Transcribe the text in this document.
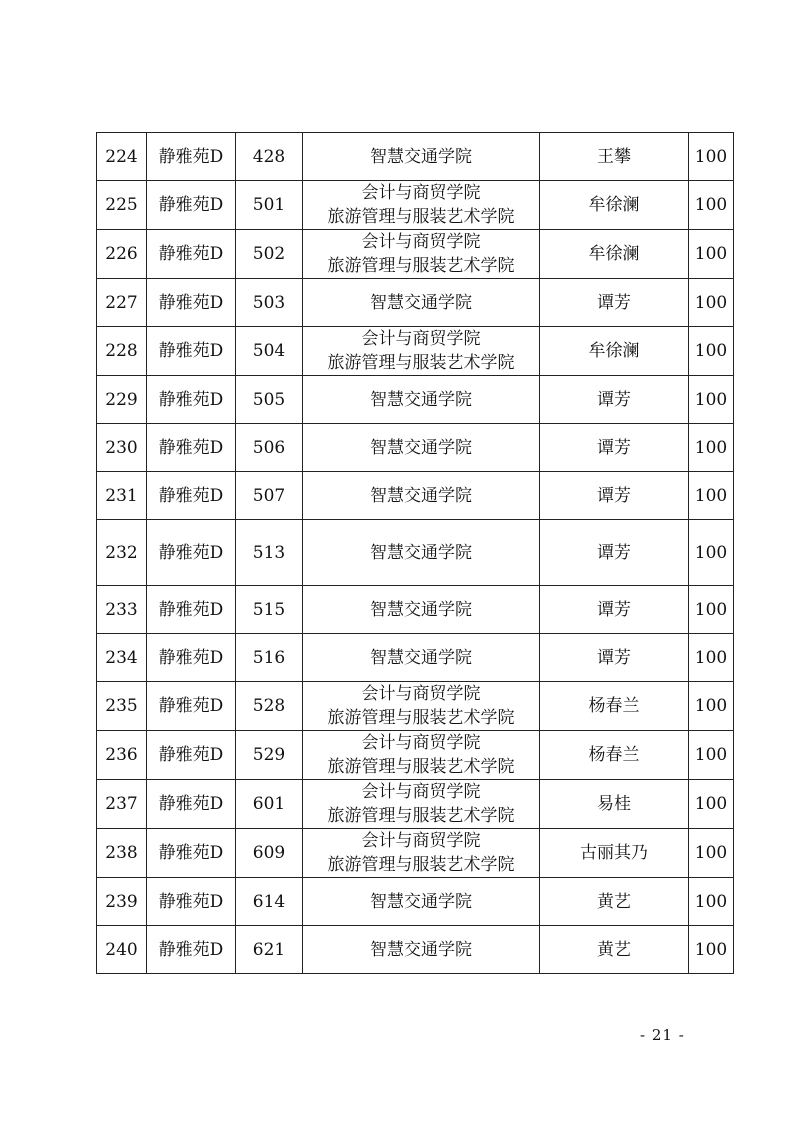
224	静雅苑D	428	智慧交通学院	王攀	100
225	静雅苑D	501	会计与商贸学院
旅游管理与服装艺术学院	牟徐澜	100
226	静雅苑D	502	会计与商贸学院
旅游管理与服装艺术学院	牟徐澜	100
227	静雅苑D	503	智慧交通学院	谭芳	100
228	静雅苑D	504	会计与商贸学院
旅游管理与服装艺术学院	牟徐澜	100
229	静雅苑D	505	智慧交通学院	谭芳	100
230	静雅苑D	506	智慧交通学院	谭芳	100
231	静雅苑D	507	智慧交通学院	谭芳	100
232	静雅苑D	513	智慧交通学院	谭芳	100
233	静雅苑D	515	智慧交通学院	谭芳	100
234	静雅苑D	516	智慧交通学院	谭芳	100
235	静雅苑D	528	会计与商贸学院
旅游管理与服装艺术学院	杨春兰	100
236	静雅苑D	529	会计与商贸学院
旅游管理与服装艺术学院	杨春兰	100
237	静雅苑D	601	会计与商贸学院
旅游管理与服装艺术学院	易桂	100
238	静雅苑D	609	会计与商贸学院
旅游管理与服装艺术学院	古丽其乃	100
239	静雅苑D	614	智慧交通学院	黄艺	100
240	静雅苑D	621	智慧交通学院	黄艺	100
- 21 -
